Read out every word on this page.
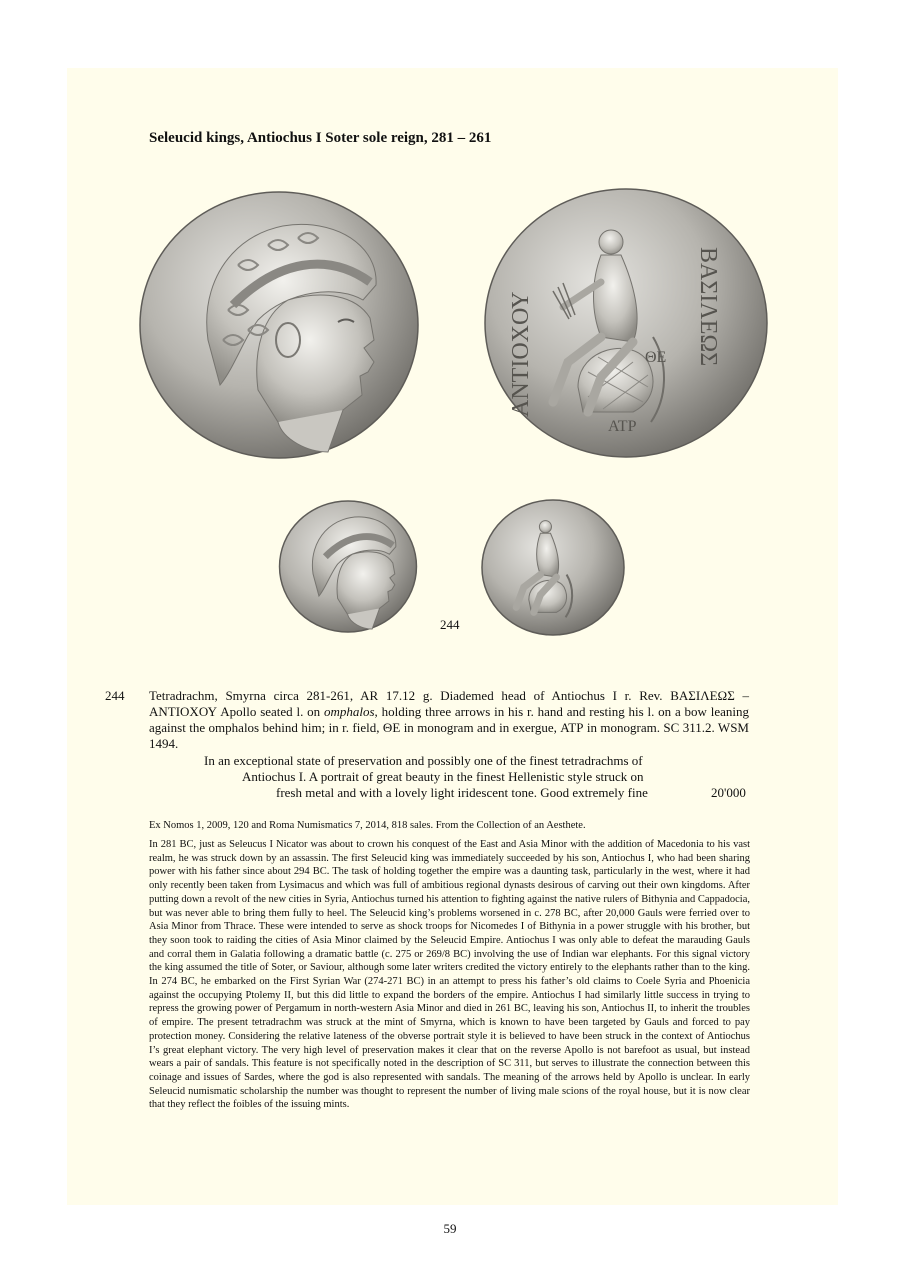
Seleucid kings, Antiochus I Soter sole reign, 281 – 261
ΘΕ
ΑΤΡ
ΒΑΣΙΛΕΩΣ
ΑΝΤΙΟΧΟΥ
244
244 Tetradrachm, Smyrna circa 281-261, AR 17.12 g. Diademed head of Antiochus I r. Rev. ΒΑΣΙΛΕΩΣ – ΑΝΤΙΟΧΟΥ Apollo seated l. on omphalos, holding three arrows in his r. hand and resting his l. on a bow leaning against the omphalos behind him; in r. field, ΘΕ in monogram and in exergue, ΑΤΡ in monogram. SC 311.2. WSM 1494.
In an exceptional state of preservation and possibly one of the finest tetradrachms of
Antiochus I. A portrait of great beauty in the finest Hellenistic style struck on
fresh metal and with a lovely light iridescent tone. Good extremely fine	20'000
Ex Nomos 1, 2009, 120 and Roma Numismatics 7, 2014, 818 sales. From the Collection of an Aesthete.
In 281 BC, just as Seleucus I Nicator was about to crown his conquest of the East and Asia Minor with the addition of Macedonia to his vast realm, he was struck down by an assassin. The first Seleucid king was immediately succeeded by his son, Antiochus I, who had been sharing power with his father since about 294 BC. The task of holding together the empire was a daunting task, particularly in the west, where it had only recently been taken from Lysimacus and which was full of ambitious regional dynasts desirous of carving out their own kingdoms. After putting down a revolt of the new cities in Syria, Antiochus turned his attention to fighting against the native rulers of Bithynia and Cappadocia, but was never able to bring them fully to heel. The Seleucid king’s problems worsened in c. 278 BC, after 20,000 Gauls were ferried over to Asia Minor from Thrace. These were intended to serve as shock troops for Nicomedes I of Bithynia in a power struggle with his brother, but they soon took to raiding the cities of Asia Minor claimed by the Seleucid Empire. Antiochus I was only able to defeat the marauding Gauls and corral them in Galatia following a dramatic battle (c. 275 or 269/8 BC) involving the use of Indian war elephants. For this signal victory the king assumed the title of Soter, or Saviour, although some later writers credited the victory entirely to the elephants rather than to the king. In 274 BC, he embarked on the First Syrian War (274-271 BC) in an attempt to press his father’s old claims to Coele Syria and Phoenicia against the occupying Ptolemy II, but this did little to expand the borders of the empire. Antiochus I had similarly little success in trying to repress the growing power of Pergamum in north-western Asia Minor and died in 261 BC, leaving his son, Antiochus II, to inherit the troubles of empire. The present tetradrachm was struck at the mint of Smyrna, which is known to have been targeted by Gauls and forced to pay protection money. Considering the relative lateness of the obverse portrait style it is believed to have been struck in the context of Antiochus I’s great elephant victory. The very high level of preservation makes it clear that on the reverse Apollo is not barefoot as usual, but instead wears a pair of sandals. This feature is not specifically noted in the description of SC 311, but serves to illustrate the connection between this coinage and issues of Sardes, where the god is also represented with sandals. The meaning of the arrows held by Apollo is unclear. In early Seleucid numismatic scholarship the number was thought to represent the number of living male scions of the royal house, but it is now clear that they reflect the foibles of the issuing mints.
59
